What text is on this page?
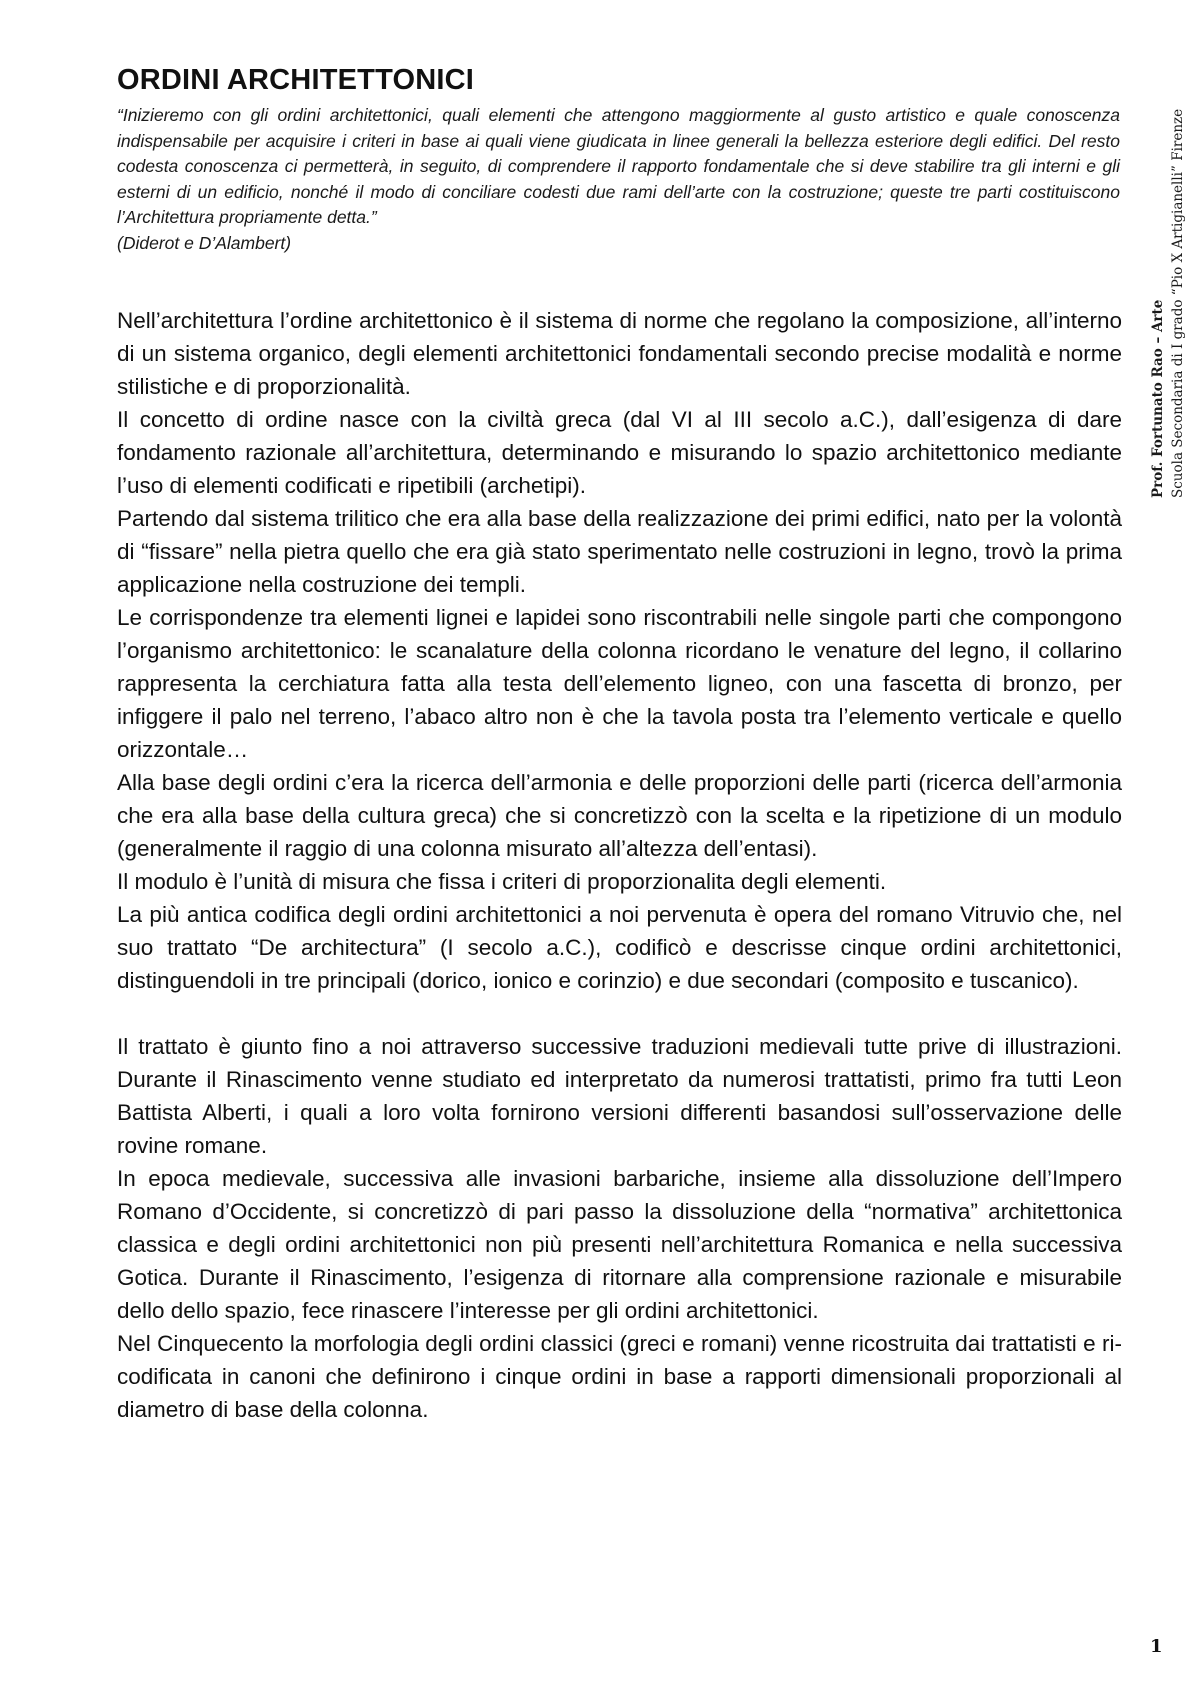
ORDINI ARCHITETTONICI

“Inizieremo con gli ordini architettonici, quali elementi che attengono maggiormente al gusto artistico e quale conoscenza indispensabile per acquisire i criteri in base ai quali viene giudicata in linee generali la bellezza esteriore degli edifici. Del resto codesta conoscenza ci permetterà, in seguito, di comprendere il rapporto fondamentale che si deve stabilire tra gli interni e gli esterni di un edificio, nonché il modo di conciliare codesti due rami dell’arte con la costruzione; queste tre parti costituiscono l’Architettura propriamente detta.”

(Diderot e D’Alambert)

Nell’architettura l’ordine architettonico è il sistema di norme che regolano la composizione, all’interno di un sistema organico, degli elementi architettonici fondamentali secondo precise modalità e norme stilistiche e di proporzionalità.

Il concetto di ordine nasce con la civiltà greca (dal VI al III secolo a.C.), dall’esigenza di dare fondamento razionale all’architettura, determinando e misurando lo spazio architettonico mediante l’uso di elementi codificati e ripetibili (archetipi).

Partendo dal sistema trilitico che era alla base della realizzazione dei primi edifici, nato per la volontà di “fissare” nella pietra quello che era già stato sperimentato nelle costruzioni in legno, trovò la prima applicazione nella costruzione dei templi.

Le corrispondenze tra elementi lignei e lapidei sono riscontrabili nelle singole parti che compongono l’organismo architettonico: le scanalature della colonna ricordano le venature del legno, il collarino rappresenta la cerchiatura fatta alla testa dell’elemento ligneo, con una fascetta di bronzo, per infiggere il palo nel terreno, l’abaco altro non è che la tavola posta tra l’elemento verticale e quello orizzontale…

Alla base degli ordini c’era la ricerca dell’armonia e delle proporzioni delle parti (ricerca dell’armonia che era alla base della cultura greca) che si concretizzò con la scelta e la ripetizione di un modulo (generalmente il raggio di una colonna misurato all’altezza dell’entasi).

Il modulo è l’unità di misura che fissa i criteri di proporzionalita degli elementi.

La più antica codifica degli ordini architettonici a noi pervenuta è opera del romano Vitruvio che, nel suo trattato “De architectura” (I secolo a.C.), codificò e descrisse cinque ordini architettonici, distinguendoli in tre principali (dorico, ionico e corinzio) e due secondari (composito e tuscanico).

Il trattato è giunto fino a noi attraverso successive traduzioni medievali tutte prive di illustrazioni. Durante il Rinascimento venne studiato ed interpretato da numerosi trattatisti, primo fra tutti Leon Battista Alberti, i quali a loro volta fornirono versioni differenti basandosi sull’osservazione delle rovine romane.

In epoca medievale, successiva alle invasioni barbariche, insieme alla dissoluzione dell’Impero Romano d’Occidente, si concretizzò di pari passo la dissoluzione della “normativa” architettonica classica e degli ordini architettonici non più presenti nell’architettura Romanica e nella successiva Gotica. Durante il Rinascimento, l’esigenza di ritornare alla comprensione razionale e misurabile dello dello spazio, fece rinascere l’interesse per gli ordini architettonici.

Nel Cinquecento la morfologia degli ordini classici (greci e romani) venne ricostruita dai trattatisti e ri-codificata in canoni che definirono i cinque ordini in base a rapporti dimensionali proporzionali al diametro di base della colonna.

Prof. Fortunato Rao – Arte Scuola Secondaria di I grado “Pio X Artigianelli” Firenze
1
